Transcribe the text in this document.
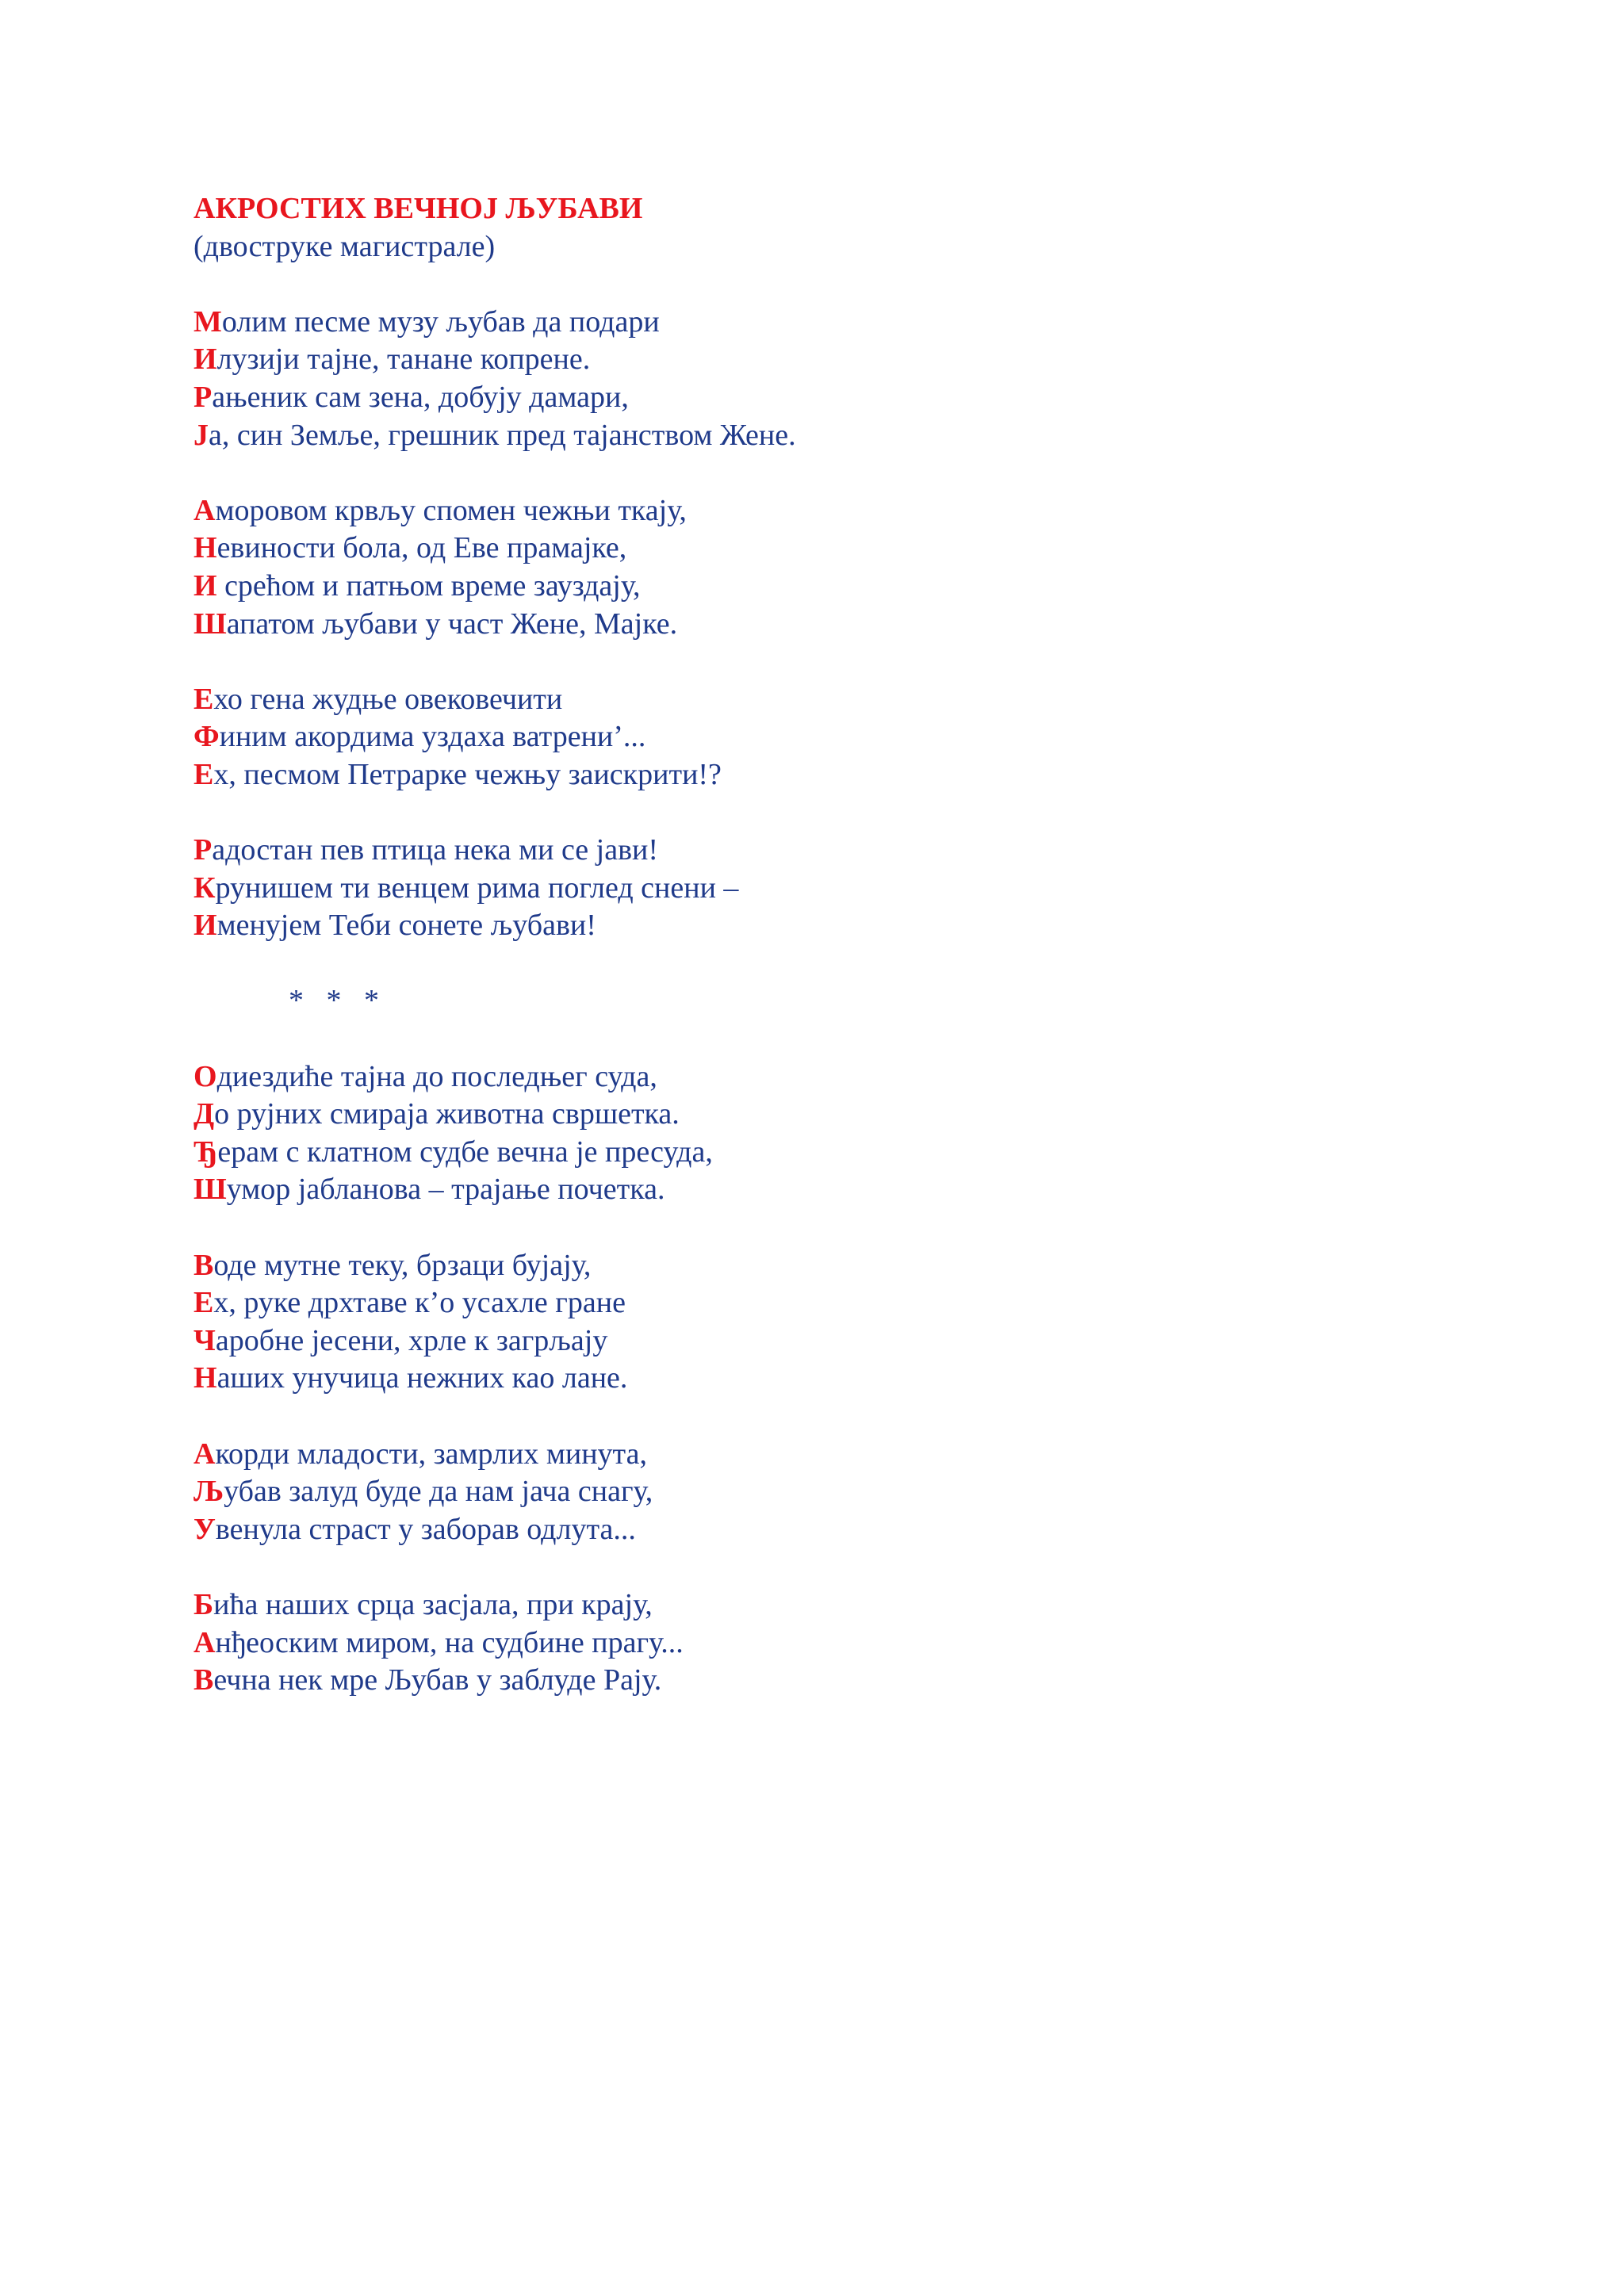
АКРОСТИХ ВЕЧНОЈ ЉУБАВИ
(двоструке магистрале)
Молим песме музу љубав да подари
Илузији тајне, танане копрене.
Рањеник сам зена, добују дамари,
Ја, син Земље, грешник пред тајанством Жене.
Аморовом крвљу спомен чежњи ткају,
Невиности бола, од Еве прамајке,
И срећом и патњом време зауздају,
Шапатом љубави у част Жене, Мајке.
Ехо гена жудње овековечити
Финим акордима уздаха ватрени’...
Ех, песмом Петрарке чежњу заискрити!?
Радостан пев птица нека ми се јави!
Крунишем ти венцем рима поглед снени –
Именујем Теби сонете љубави!
*   *   *
Одиездиће тајна до последњег суда,
До рујних смираја животна свршетка.
Ђерам с клатном судбе вечна је пресуда,
Шумор јабланова – трајање почетка.
Воде мутне теку, брзаци бујају,
Ех, руке дрхтаве к’о усахле гране
Чаробне јесени, хрле к загрљају
Наших унучица нежних као лане.
Акорди младости, замрлих минута,
Љубав залуд буде да нам јача снагу,
Увенула страст у заборав одлута...
Биħа наших срца засјала, при крају,
Анђеоским миром, на судбине прагу...
Вечна нек мре Љубав у заблуде Рају.
